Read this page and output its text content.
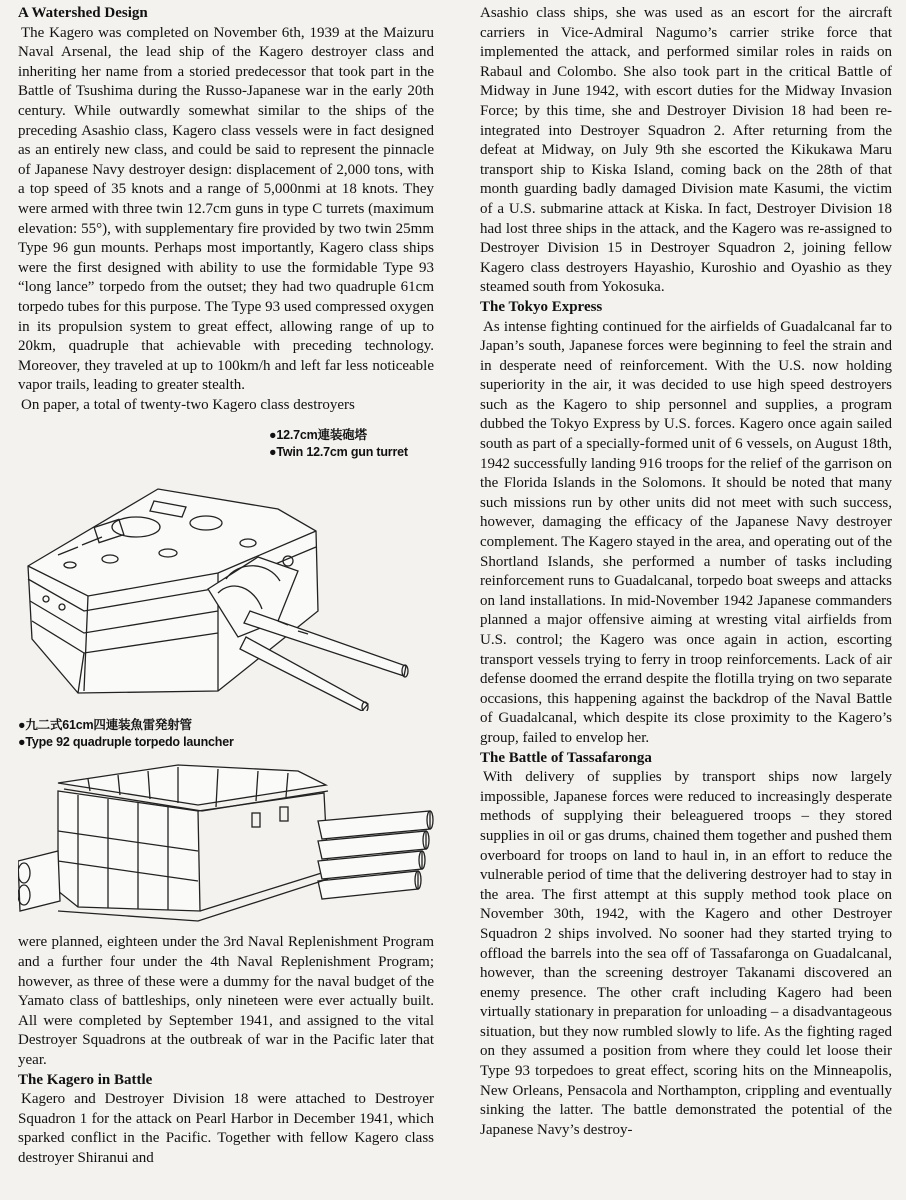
A Watershed Design

The Kagero was completed on November 6th, 1939 at the Maizuru Naval Arsenal, the lead ship of the Kagero destroyer class and inheriting her name from a storied predecessor that took part in the Battle of Tsushima during the Russo-Japanese war in the early 20th century. While outwardly somewhat similar to the ships of the preceding Asashio class, Kagero class vessels were in fact designed as an entirely new class, and could be said to represent the pinnacle of Japanese Navy destroyer design: displacement of 2,000 tons, with a top speed of 35 knots and a range of 5,000nmi at 18 knots. They were armed with three twin 12.7cm guns in type C turrets (maximum elevation: 55°), with supplementary fire provided by two twin 25mm Type 96 gun mounts. Perhaps most importantly, Kagero class ships were the first designed with ability to use the formidable Type 93 “long lance” torpedo from the outset; they had two quadruple 61cm torpedo tubes for this purpose. The Type 93 used compressed oxygen in its propulsion system to great effect, allowing range of up to 20km, quadruple that achievable with preceding technology. Moreover, they traveled at up to 100km/h and left far less noticeable vapor trails, leading to greater stealth.

On paper, a total of twenty-two Kagero class destroyers

●12.7cm連装砲塔
●Twin 12.7cm gun turret
●九二式61cm四連装魚雷発射管
●Type 92 quadruple torpedo launcher

were planned, eighteen under the 3rd Naval Replenishment Program and a further four under the 4th Naval Replenishment Program; however, as three of these were a dummy for the naval budget of the Yamato class of battleships, only nineteen were ever actually built. All were completed by September 1941, and assigned to the vital Destroyer Squadrons at the outbreak of war in the Pacific later that year.

The Kagero in Battle

Kagero and Destroyer Division 18 were attached to Destroyer Squadron 1 for the attack on Pearl Harbor in December 1941, which sparked conflict in the Pacific. Together with fellow Kagero class destroyer Shiranui and

Asashio class ships, she was used as an escort for the aircraft carriers in Vice-Admiral Nagumo’s carrier strike force that implemented the attack, and performed similar roles in raids on Rabaul and Colombo. She also took part in the critical Battle of Midway in June 1942, with escort duties for the Midway Invasion Force; by this time, she and Destroyer Division 18 had been re-integrated into Destroyer Squadron 2. After returning from the defeat at Midway, on July 9th she escorted the Kikukawa Maru transport ship to Kiska Island, coming back on the 28th of that month guarding badly damaged Division mate Kasumi, the victim of a U.S. submarine attack at Kiska. In fact, Destroyer Division 18 had lost three ships in the attack, and the Kagero was re-assigned to Destroyer Division 15 in Destroyer Squadron 2, joining fellow Kagero class destroyers Hayashio, Kuroshio and Oyashio as they steamed south from Yokosuka.

The Tokyo Express

As intense fighting continued for the airfields of Guadalcanal far to Japan’s south, Japanese forces were beginning to feel the strain and in desperate need of reinforcement. With the U.S. now holding superiority in the air, it was decided to use high speed destroyers such as the Kagero to ship personnel and supplies, a program dubbed the Tokyo Express by U.S. forces. Kagero once again sailed south as part of a specially-formed unit of 6 vessels, on August 18th, 1942 successfully landing 916 troops for the relief of the garrison on the Florida Islands in the Solomons. It should be noted that many such missions run by other units did not meet with such success, however, damaging the efficacy of the Japanese Navy destroyer complement. The Kagero stayed in the area, and operating out of the Shortland Islands, she performed a number of tasks including reinforcement runs to Guadalcanal, torpedo boat sweeps and attacks on land installations. In mid-November 1942 Japanese commanders planned a major offensive aiming at wresting vital airfields from U.S. control; the Kagero was once again in action, escorting transport vessels trying to ferry in troop reinforcements. Lack of air defense doomed the errand despite the flotilla trying on two separate occasions, this happening against the backdrop of the Naval Battle of Guadalcanal, which despite its close proximity to the Kagero’s group, failed to envelop her.

The Battle of Tassafaronga

With delivery of supplies by transport ships now largely impossible, Japanese forces were reduced to increasingly desperate methods of supplying their beleaguered troops – they stored supplies in oil or gas drums, chained them together and pushed them overboard for troops on land to haul in, in an effort to reduce the vulnerable period of time that the delivering destroyer had to stay in the area. The first attempt at this supply method took place on November 30th, 1942, with the Kagero and other Destroyer Squadron 2 ships involved. No sooner had they started trying to offload the barrels into the sea off of Tassafaronga on Guadalcanal, however, than the screening destroyer Takanami discovered an enemy presence. The other craft including Kagero had been virtually stationary in preparation for unloading – a disadvantageous situation, but they now rumbled slowly to life. As the fighting raged on they assumed a position from where they could let loose their Type 93 torpedoes to great effect, scoring hits on the Minneapolis, New Orleans, Pensacola and Northampton, crippling and eventually sinking the latter. The battle demonstrated the potential of the Japanese Navy’s destroy-
